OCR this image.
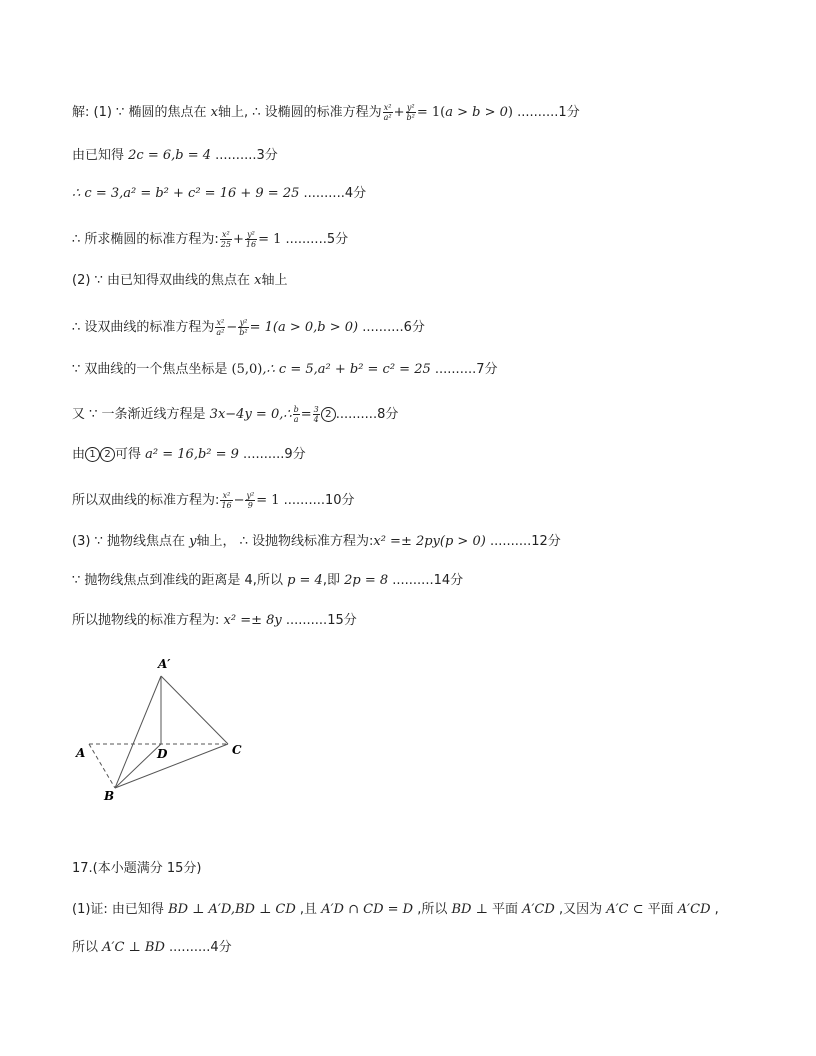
解: (1) ∵ 椭圆的焦点在 x轴上, ∴ 设椭圆的标准方程为 $\frac{\text{x²}}{\text{a²}} + \frac{\text{y²}}{\text{b²}} = 1(a > b > 0)$ ..........1分
由已知得 2c = 6,b = 4 ..........3分
∴ c = 3,a² = b² + c² = 16 + 9 = 25 ..........4分
∴ 所求椭圆的标准方程为: $\frac{\text{x²}}{25} + \frac{\text{y²}}{16} = 1$ ..........5分
(2) ∵ 由已知得双曲线的焦点在 x轴上
∴ 设双曲线的标准方程为 $\frac{\text{x²}}{\text{a²}} - \frac{\text{y²}}{\text{b²}} = 1(a > 0,b > 0)$ ..........6分
∵ 双曲线的一个焦点坐标是 (5,0),∴ c = 5,a² + b² = c² = 25 ..........7分
又 ∵ 一条渐近线方程是 3x−4y = 0,∴ $\frac{b}{a} = \frac{3}{4} 2$ ..........8分
由 1 2 可得 a² = 16,b² = 9 ..........9分
所以双曲线的标准方程为: $\frac{\text{x²}}{16} - \frac{\text{y²}}{9} = 1$ ..........10分
(3) ∵ 抛物线焦点在 y轴上， ∴ 设抛物线标准方程为:x² =± 2py(p > 0) ..........12分
∵ 抛物线焦点到准线的距离是 4,所以 p = 4,即 2p = 8 ..........14分
所以抛物线的标准方程为: x² =± 8y ..........15分
A′
A
B
D	C
17.(本小题满分 15分)
(1)证: 由已知得 BD ⊥ A′D,BD ⊥ CD ,且 A′D ∩ CD = D ,所以 BD ⊥ 平面 A′CD ,又因为 A′C ⊂ 平面 A′CD ,
所以 A′C ⊥ BD ..........4分
